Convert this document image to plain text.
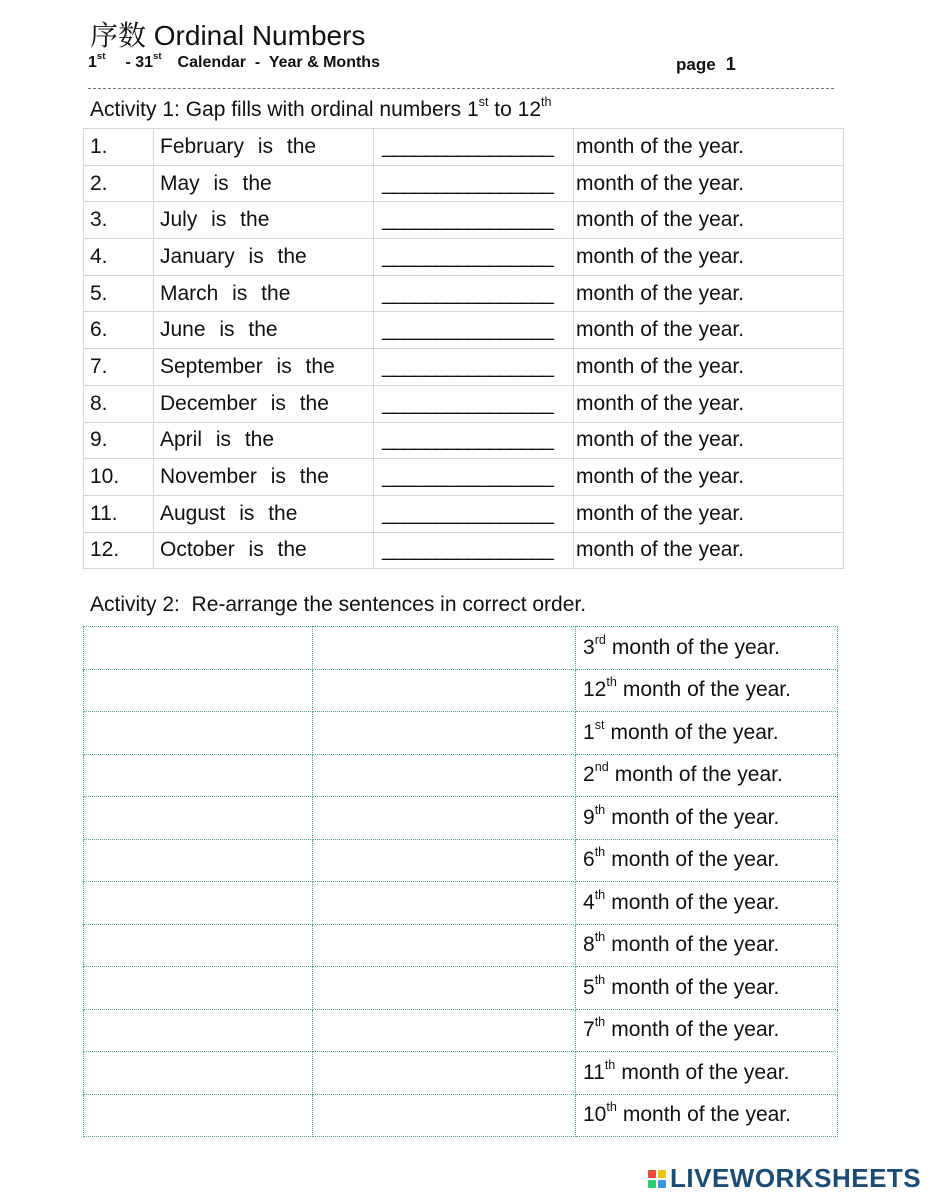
序数 Ordinal Numbers
1st - 31st Calendar  -  Year & Months	page 1
Activity 1: Gap fills with ordinal numbers 1st to 12th
1.	February is the	________________	month of the year.
2.	May is the	________________	month of the year.
3.	July is the	________________	month of the year.
4.	January is the	________________	month of the year.
5.	March is the	________________	month of the year.
6.	June is the	________________	month of the year.
7.	September is the	________________	month of the year.
8.	December is the	________________	month of the year.
9.	April is the	________________	month of the year.
10.	November is the	________________	month of the year.
11.	August is the	________________	month of the year.
12.	October is the	________________	month of the year.
Activity 2:  Re-arrange the sentences in correct order.
		3rd month of the year.
		12th month of the year.
		1st month of the year.
		2nd month of the year.
		9th month of the year.
		6th month of the year.
		4th month of the year.
		8th month of the year.
		5th month of the year.
		7th month of the year.
		11th month of the year.
		10th month of the year.
LIVEWORKSHEETS
